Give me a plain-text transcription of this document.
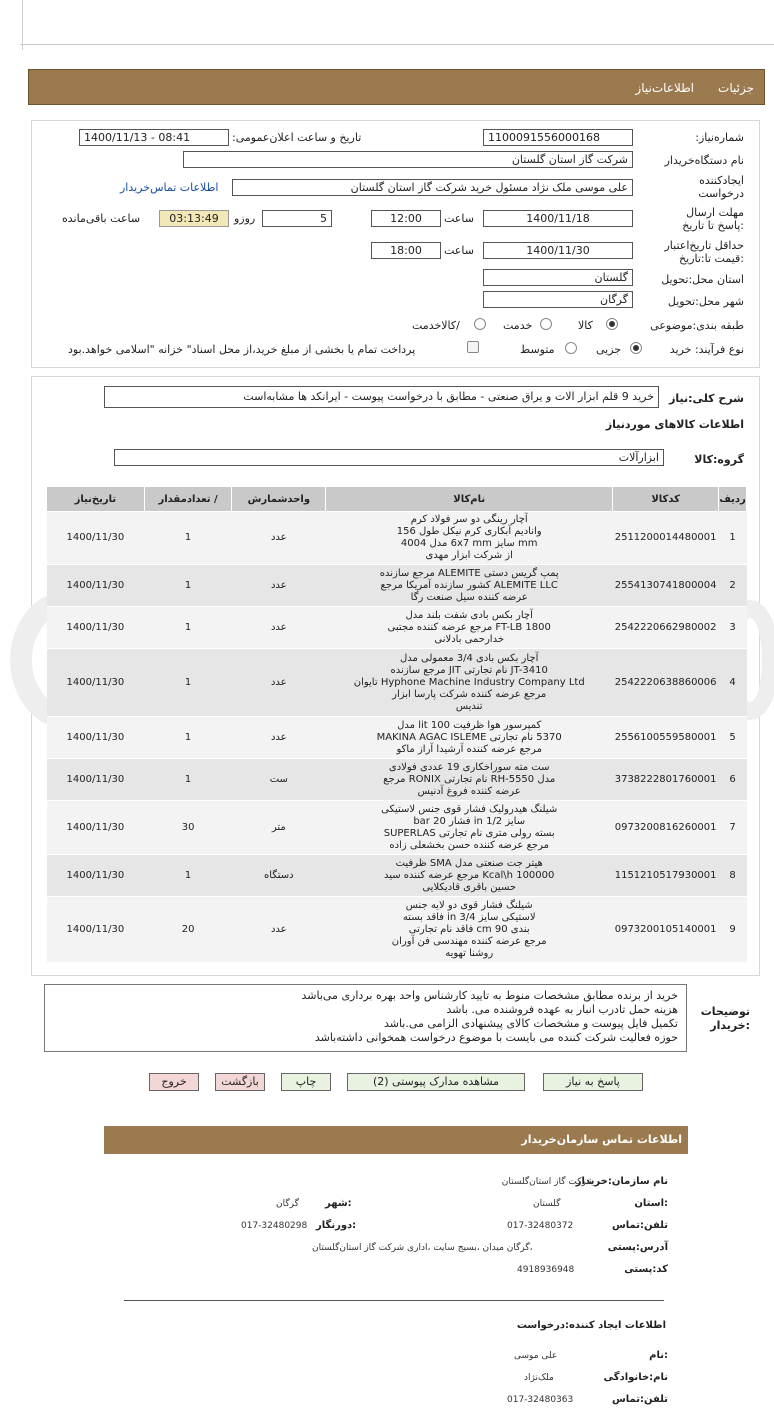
جزئیات
اطلاعات‌نیاز
شماره‌نیاز:
1100091556000168
تاریخ و ساعت اعلان‌عمومی:
1400/11/13 - 08:41
نام دستگاه‌خریدار
شرکت گاز استان گلستان
ایجادکننده درخواست
علی موسی ملک نژاد مسئول خرید شرکت گاز استان گلستان
اطلاعات تماس‌خریدار
مهلت ارسال :پاسخ تا تاریخ
1400/11/18
ساعت
12:00
5
روزو
03:13:49
ساعت باقی‌مانده
حداقل تاریخ‌اعتبار :قیمت تا:تاریخ
1400/11/30
ساعت
18:00
استان محل:تحویل
گلستان
شهر محل:تحویل
گرگان
طبقه بندی:موضوعی
کالا
خدمت
/کالاخدمت
نوع فرآیند: خرید
جزیی
متوسط
پرداخت تمام یا بخشی از مبلغ خرید،از محل اسناد" خزانه "اسلامی خواهد.بود
شرح کلی:نیاز
خرید 9 قلم ابزار الات و یراق صنعتی - مطابق با درخواست پیوست - ایرانکد ها مشابه‌است
اطلاعات کالاهای موردنیاز
گروه:کالا
ابزارآلات
ردیف	کدکالا	نام‌کالا	واحدشمارش	/ تعدادمقدار	تاریخ‌نیاز
1	2511200014480001	آچار رینگی دو سر فولاد کرم
وانادیم آبکاری کرم نیکل طول 156
mm سایز 6x7 mm مدل 4004
از شرکت ابزار مهدی	عدد	1	1400/11/30
2	2554130741800004	پمپ گریس دستی ALEMITE مرجع سازنده
ALEMITE LLC کشور سازنده آمریکا مرجع
عرضه کننده سیل صنعت رگا	عدد	1	1400/11/30
3	2542220662980002	آچار بکس بادی شفت بلند مدل
FT-LB 1800 مرجع عرضه کننده مجتبی
خدارحمی بادلانی	عدد	1	1400/11/30
4	2542220638860006	آچار بکس بادی 3/4 معمولی مدل
JT-3410 نام تجارتی JIT مرجع سازنده
Hyphone Machine Industry Company Ltd تایوان
مرجع عرضه کننده شرکت پارسا ابزار
تندیس	عدد	1	1400/11/30
5	2556100559580001	کمپرسور هوا ظرفیت 100 lit مدل
5370 نام تجارتی MAKINA AGAC ISLEME
مرجع عرضه کننده آرشیدا آراز ماکو	عدد	1	1400/11/30
6	3738222801760001	ست مته سوراخکاری 19 عددی فولادی
مدل RH-5550 نام تجارتی RONIX مرجع
عرضه کننده فروغ آدنیس	ست	1	1400/11/30
7	0973200816260001	شیلنگ هیدرولیک فشار قوی جنس لاستیکی
سایز 1/2 in فشار 20 bar
بسته رولی متری نام تجارتی SUPERLAS
مرجع عرضه کننده حسن بخشعلی زاده	متر	30	1400/11/30
8	1151210517930001	هیتر جت صنعتی مدل SMA ظرفیت
100000 Kcal\h مرجع عرضه کننده سید
حسین باقری قادیکلایی	دستگاه	1	1400/11/30
9	0973200105140001	شیلنگ فشار قوی دو لایه جنس
لاستیکی سایز 3/4 in فاقد بسته
بندی 90 cm فاقد نام تجارتی
مرجع عرضه کننده مهندسی فن آوران
روشنا تهویه	عدد	20	1400/11/30
خرید از برنده مطابق مشخصات منوط به تایید کارشناس واحد بهره برداری می‌باشد
هزینه حمل تادرب انبار به عهده فروشنده می. باشد
تکمیل فایل پیوست و مشخصات کالای پیشنهادی الزامی می.باشد
حوزه فعالیت شرکت کننده می بایست با موضوع درخواست همخوانی داشته‌باشد
توضیحات :خریدار
پاسخ به نیاز
مشاهده مدارک پیوستی (2)
چاپ
بازگشت
خروج
اطلاعات تماس سازمان‌خریدار
نام سازمان:خریدار
شرکت گاز استان‌گلستان
:استان
گلستان
:شهر
گرگان
تلفن:تماس
017-32480372
:دورنگار
017-32480298
آدرس:پستی
،گرگان میدان ،بسیج سایت ،اداری شرکت گاز استان‌گلستان
کد:پستی
4918936948
اطلاعات ایجاد کننده:درخواست
:نام
علی موسی
نام:خانوادگی
ملک‌نژاد
تلفن:تماس
017-32480363
